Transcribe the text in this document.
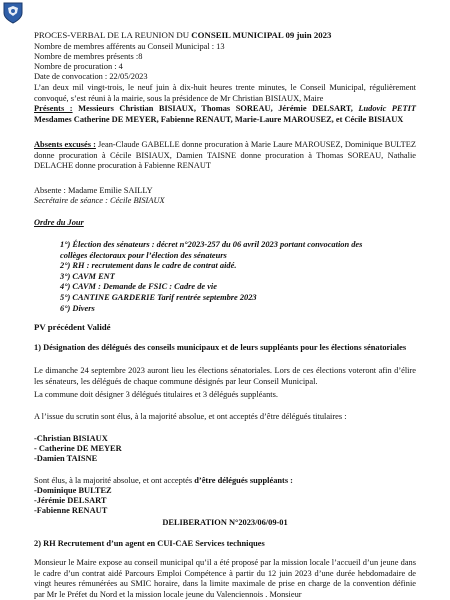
PROCES-VERBAL DE LA REUNION DU CONSEIL MUNICIPAL 09 juin 2023
Nombre de membres afférents au Conseil Municipal : 13
Nombre de membres présents :8
Nombre de procuration : 4
Date de convocation : 22/05/2023
L’an deux mil vingt-trois, le neuf juin à dix-huit heures trente minutes, le Conseil Municipal, régulièrement convoqué, s’est réuni à la mairie, sous la présidence de Mr Christian BISIAUX, Maire
Présents : Messieurs Christian BISIAUX, Thomas SOREAU, Jérémie DELSART, Ludovic PETIT Mesdames Catherine DE MEYER, Fabienne RENAUT, Marie-Laure MAROUSEZ, et Cécile BISIAUX
Absents excusés : Jean-Claude GABELLE donne procuration à Marie Laure MAROUSEZ, Dominique BULTEZ donne procuration à Cécile BISIAUX, Damien TAISNE donne procuration à Thomas SOREAU, Nathalie DELACHE donne procuration à Fabienne RENAUT
Absente : Madame Emilie SAILLY
Secrétaire de séance : Cécile BISIAUX
Ordre du Jour
1°) Élection des sénateurs : décret n°2023-257 du 06 avril 2023 portant convocation des
collèges électoraux pour l’élection des sénateurs
2°) RH : recrutement dans le cadre de contrat aidé.
3°) CAVM ENT
4°) CAVM : Demande de FSIC : Cadre de vie
5°) CANTINE GARDERIE Tarif rentrée septembre 2023
6°) Divers
PV précédent Validé
1) Désignation des délégués des conseils municipaux et de leurs suppléants pour les élections sénatoriales
Le dimanche 24 septembre 2023 auront lieu les élections sénatoriales. Lors de ces élections voteront afin d’élire les sénateurs, les délégués de chaque commune désignés par leur Conseil Municipal.
La commune doit désigner 3 délégués titulaires et 3 délégués suppléants.
A l’issue du scrutin sont élus, à la majorité absolue, et ont acceptés d’être délégués titulaires :
-Christian BISIAUX
- Catherine DE MEYER
-Damien TAISNE
Sont élus, à la majorité absolue, et ont acceptés d’être délégués suppléants :
-Dominique BULTEZ
-Jérémie DELSART
-Fabienne RENAUT
DELIBERATION N°2023/06/09-01
2) RH Recrutement d’un agent en CUI-CAE Services techniques
Monsieur le Maire expose au conseil municipal qu’il a été proposé par la mission locale l’accueil d’un jeune dans le cadre d’un contrat aidé Parcours Emploi Compétence à partir du 12 juin 2023 d’une durée hebdomadaire de vingt heures rémunérées au SMIC horaire, dans la limite maximale de prise en charge de la convention définie par Mr le Préfet du Nord et la mission locale jeune du Valenciennois . Monsieur
